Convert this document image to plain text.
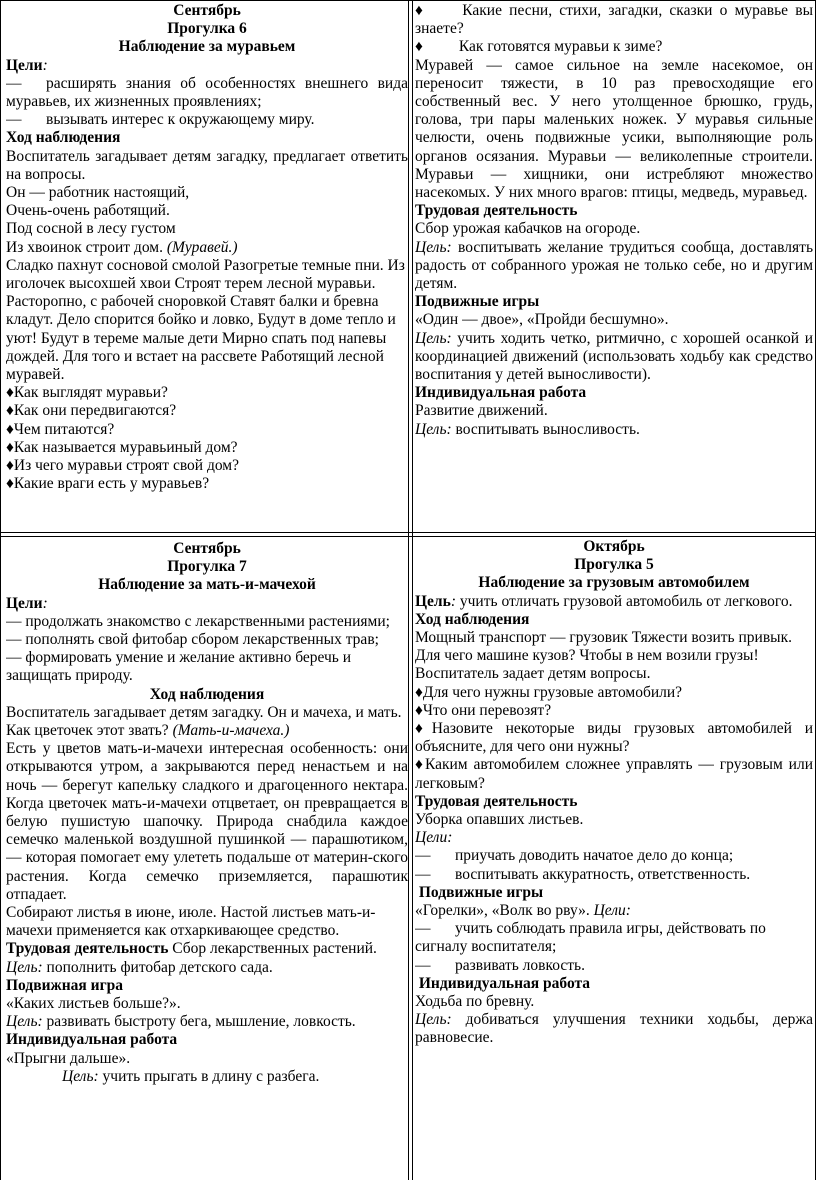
Сентябрь

Прогулка 6

Наблюдение за муравьем

Цели:

— расширять знания об особенностях внешнего вида муравьев, их жизненных проявлениях;

— вызывать интерес к окружающему миру.

Ход наблюдения

Воспитатель загадывает детям загадку, предлагает ответить на вопросы.

Он — работник настоящий,

Очень-очень работящий.

Под сосной в лесу густом

Из хвоинок строит дом. (Муравей.)

Сладко пахнут сосновой смолой Разогретые темные пни. Из иголочек высохшей хвои Строят терем лесной муравьи. Расторопно, с рабочей сноровкой Ставят балки и бревна кладут. Дело спорится бойко и ловко, Будут в доме тепло и уют! Будут в тереме малые дети Мирно спать под напевы дождей. Для того и встает на рассвете Работящий лесной муравей.

♦Как выглядят муравьи?

♦Как они передвигаются?

♦Чем питаются?

♦Как называется муравьиный дом?

♦Из чего муравьи строят свой дом?

♦Какие враги есть у муравьев?

♦ Какие песни, стихи, загадки, сказки о муравье вы знаете?

♦ Как готовятся муравьи к зиме?

Муравей — самое сильное на земле насекомое, он переносит тяжести, в 10 раз превосходящие его собственный вес. У него утолщенное брюшко, грудь, голова, три пары маленьких ножек. У муравья сильные челюсти, очень подвижные усики, выполняющие роль органов осязания. Муравьи — великолепные строители. Муравьи — хищники, они истребляют множество насекомых. У них много врагов: птицы, медведь, муравьед.

Трудовая деятельность

Сбор урожая кабачков на огороде.

Цель: воспитывать желание трудиться сообща, доставлять радость от собранного урожая не только себе, но и другим детям.

Подвижные игры

«Один — двое», «Пройди бесшумно».

Цель: учить ходить четко, ритмично, с хорошей осанкой и координацией движений (использовать ходьбу как средство воспитания у детей выносливости).

Индивидуальная работа

Развитие движений.

Цель: воспитывать выносливость.

Сентябрь

Прогулка 7

Наблюдение за мать-и-мачехой

Цели:

— продолжать знакомство с лекарственными растениями;

— пополнять свой фитобар сбором лекарственных трав;

— формировать умение и желание активно беречь и защищать природу.

Ход наблюдения

Воспитатель загадывает детям загадку. Он и мачеха, и мать.

Как цветочек этот звать? (Мать-и-мачеха.)

Есть у цветов мать-и-мачехи интересная особенность: они открываются утром, а закрываются перед ненастьем и на ночь — берегут капельку сладкого и драгоценного нектара. Когда цветочек мать-и-мачехи отцветает, он превращается в белую пушистую шапочку. Природа снабдила каждое семечко маленькой воздушной пушинкой — парашютиком, — которая помогает ему улететь подальше от материн-ского растения. Когда семечко приземляется, парашютик отпадает.

Собирают листья в июне, июле. Настой листьев мать-и-мачехи применяется как отхаркивающее средство.

Трудовая деятельность Сбор лекарственных растений.

Цель: пополнить фитобар детского сада.

Подвижная игра

«Каких листьев больше?».

Цель: развивать быстроту бега, мышление, ловкость.

Индивидуальная работа

«Прыгни дальше».

Цель: учить прыгать в длину с разбега.

Октябрь

Прогулка 5

Наблюдение за грузовым автомобилем

Цель: учить отличать грузовой автомобиль от легкового.

Ход наблюдения

Мощный транспорт — грузовик Тяжести возить привык. Для чего машине кузов? Чтобы в нем возили грузы!

Воспитатель задает детям вопросы.

♦Для чего нужны грузовые автомобили?

♦Что они перевозят?

♦Назовите некоторые виды грузовых автомобилей и объясните, для чего они нужны?

♦Каким автомобилем сложнее управлять — грузовым или легковым?

Трудовая деятельность

Уборка опавших листьев.

Цели:

— приучать доводить начатое дело до конца;

— воспитывать аккуратность, ответственность.

Подвижные игры

«Горелки», «Волк во рву». Цели:

— учить соблюдать правила игры, действовать по сигналу воспитателя;

— развивать ловкость.

Индивидуальная работа

Ходьба по бревну.

Цель: добиваться улучшения техники ходьбы, держа равновесие.
